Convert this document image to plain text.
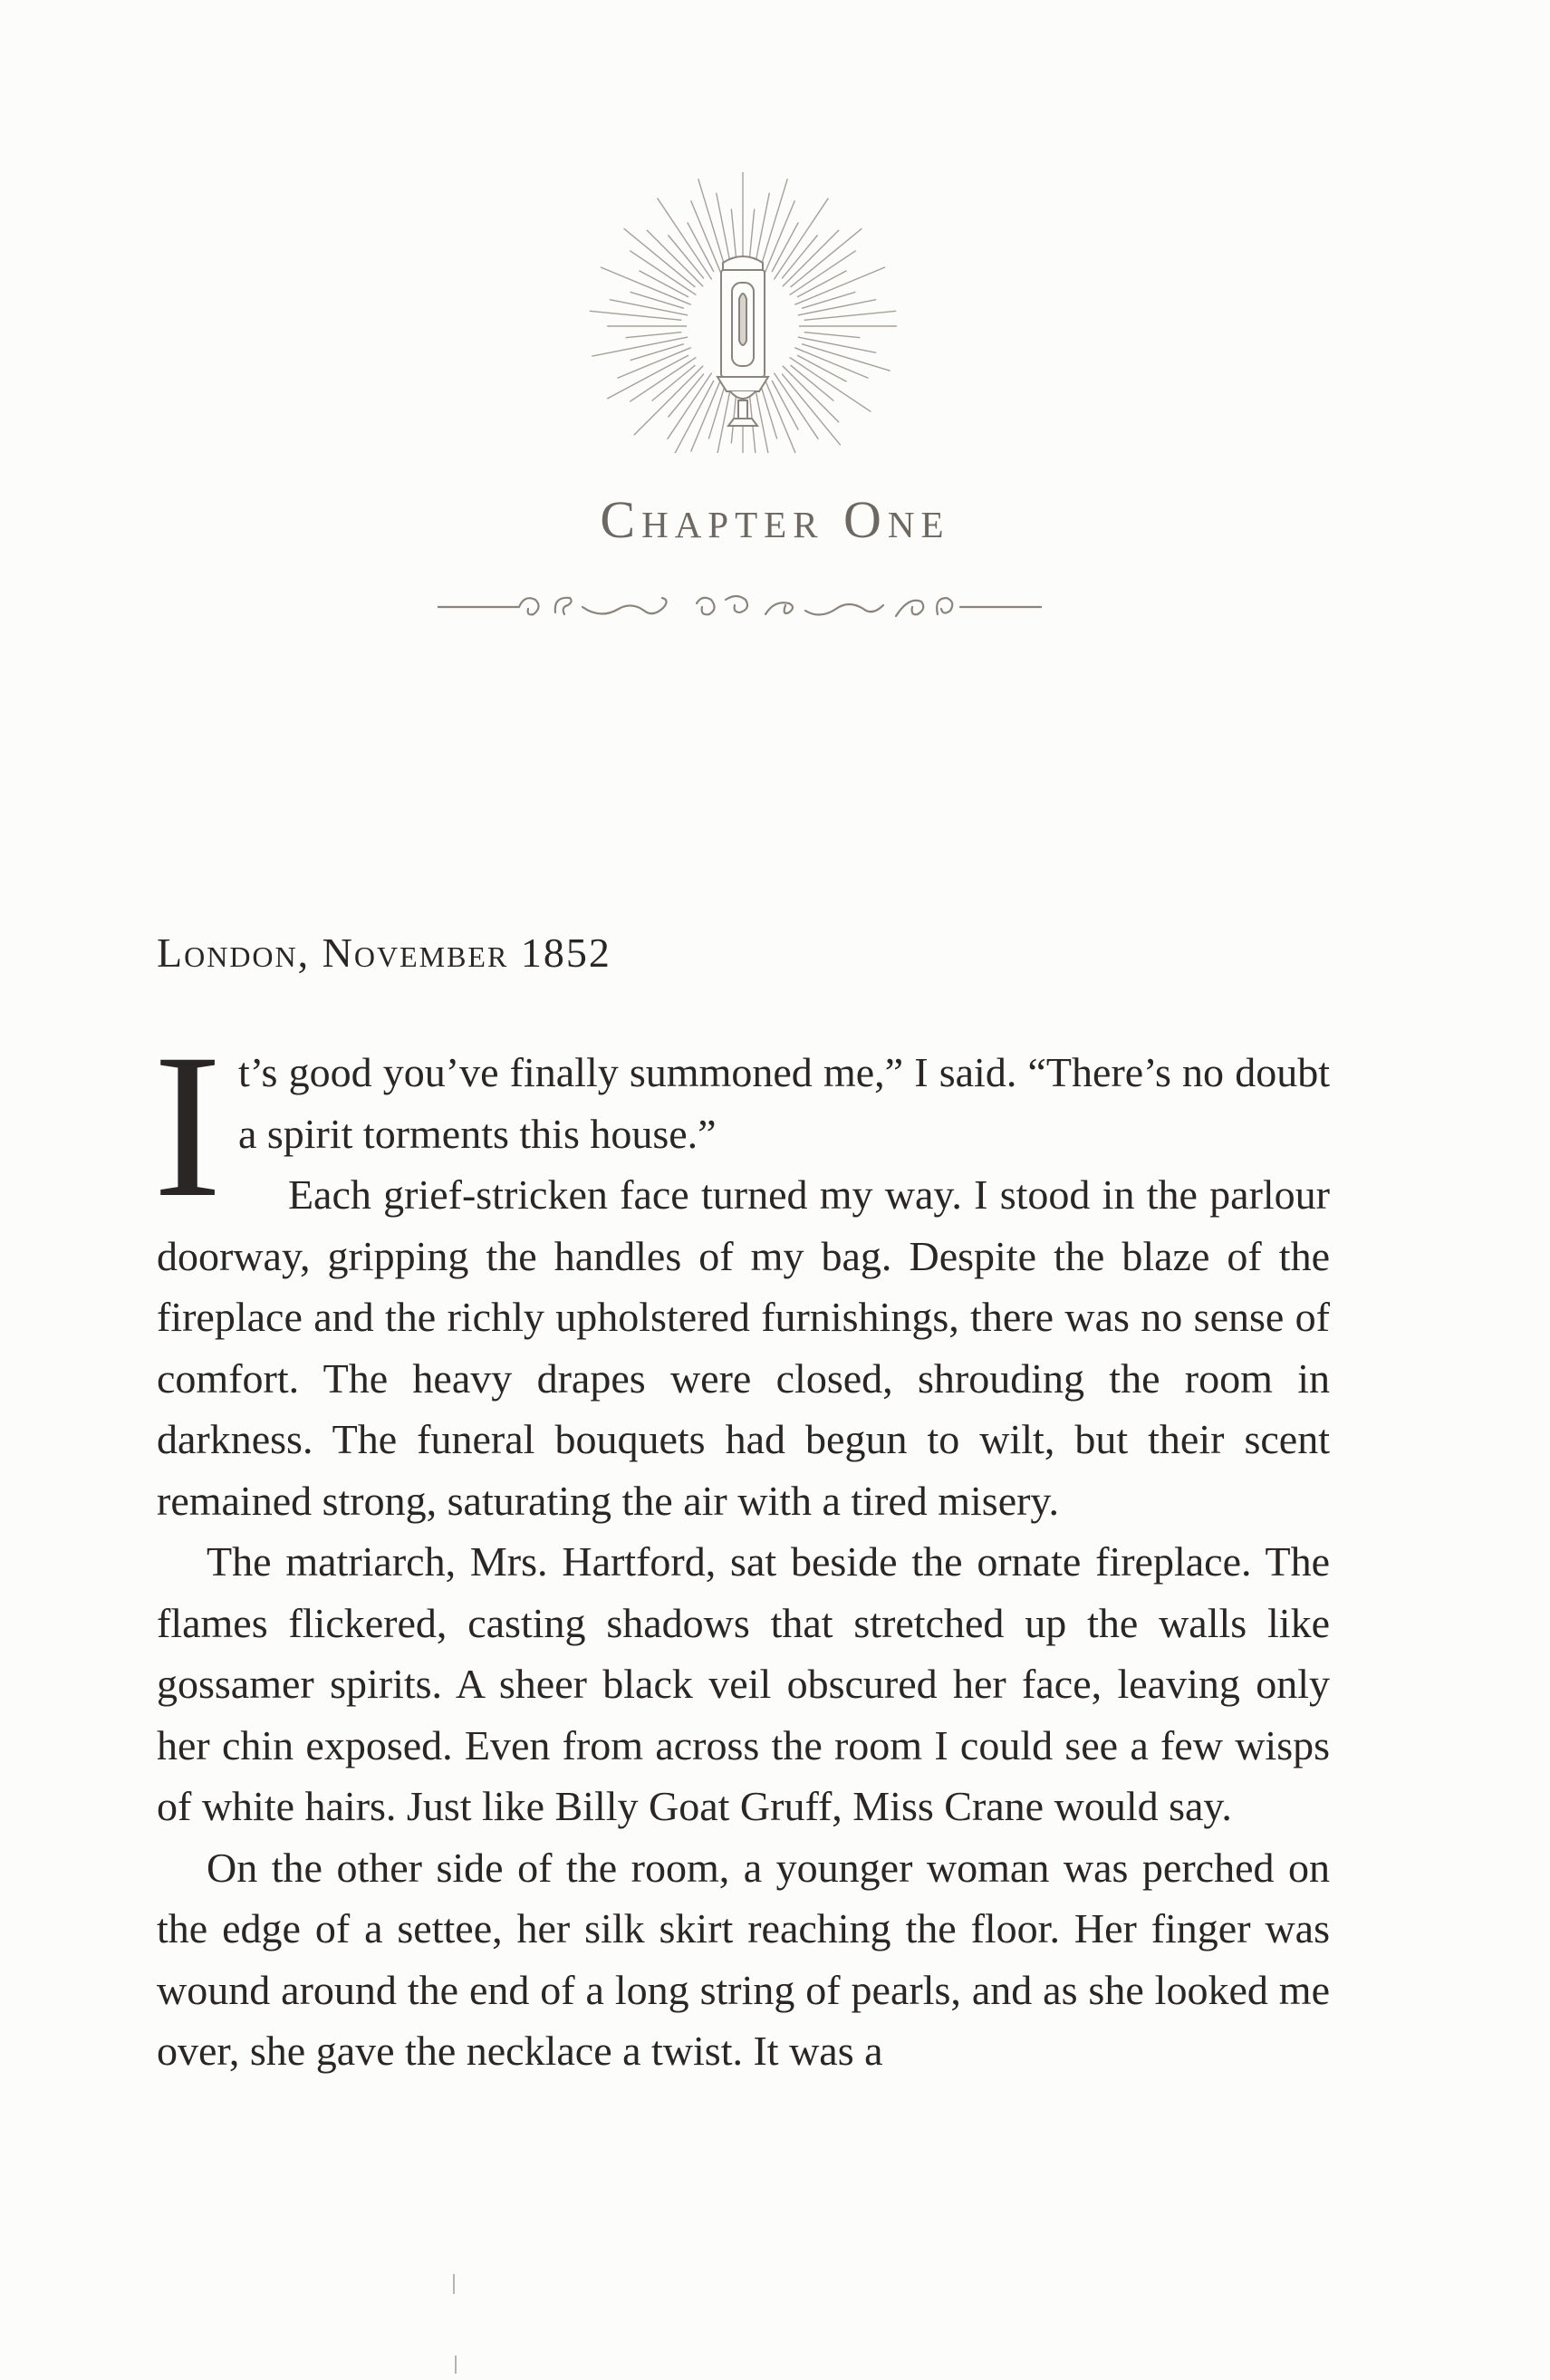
Chapter One
London, November 1852

It’s good you’ve finally summoned me,” I said. “There’s no doubt a spirit torments this house.”

Each grief-stricken face turned my way. I stood in the parlour doorway, gripping the handles of my bag. Despite the blaze of the fireplace and the richly upholstered furnishings, there was no sense of comfort. The heavy drapes were closed, shrouding the room in darkness. The funeral bouquets had begun to wilt, but their scent remained strong, saturating the air with a tired misery.

The matriarch, Mrs. Hartford, sat beside the ornate fireplace. The flames flickered, casting shadows that stretched up the walls like gossamer spirits. A sheer black veil obscured her face, leaving only her chin exposed. Even from across the room I could see a few wisps of white hairs. Just like Billy Goat Gruff, Miss Crane would say.

On the other side of the room, a younger woman was perched on the edge of a settee, her silk skirt reaching the floor. Her finger was wound around the end of a long string of pearls, and as she looked me over, she gave the necklace a twist. It was a
